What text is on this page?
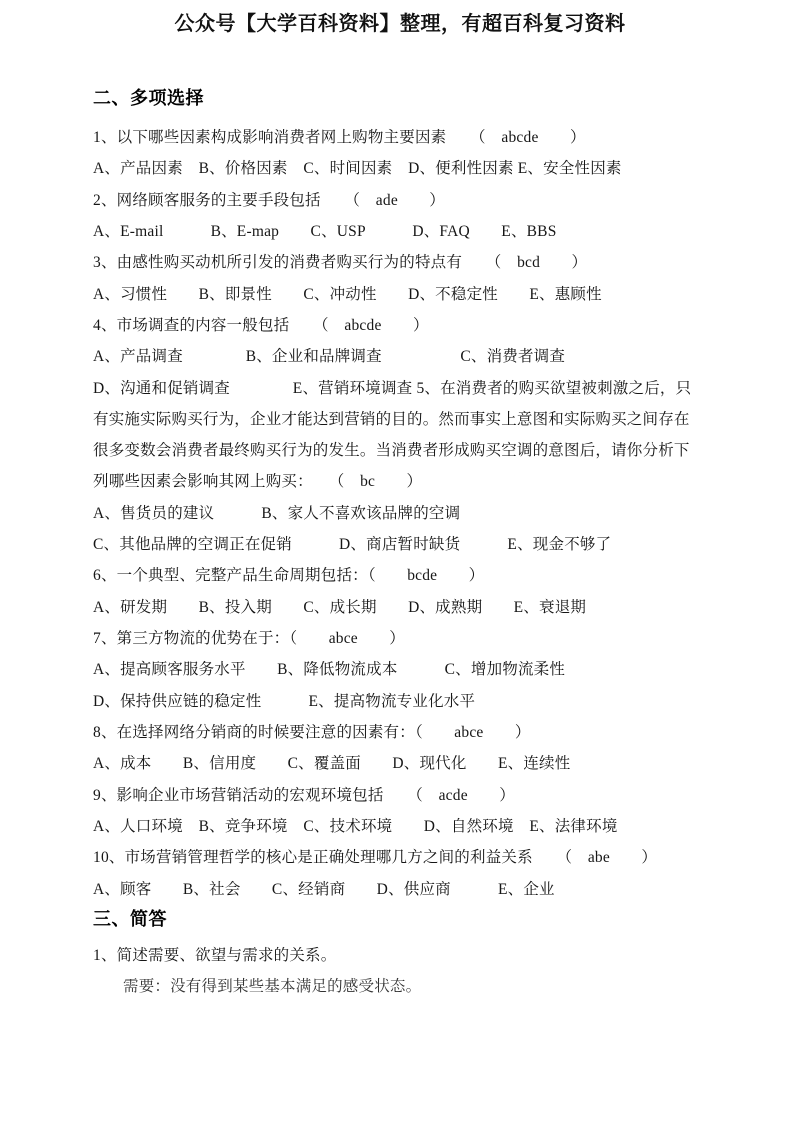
公众号【大学百科资料】整理，有超百科复习资料
二、多项选择

1、以下哪些因素构成影响消费者网上购物主要因素　　（　abcde　　）

A、产品因素　B、价格因素　C、时间因素　D、便利性因素 E、安全性因素

2、网络顾客服务的主要手段包括　　（　ade　　）

A、E-mail　　　B、E-map　　C、USP　　　D、FAQ　　E、BBS

3、由感性购买动机所引发的消费者购买行为的特点有　　（　bcd　　）

A、习惯性　　B、即景性　　C、冲动性　　D、不稳定性　　E、惠顾性

4、市场调查的内容一般包括　　（　abcde　　）

A、产品调查　　　　B、企业和品牌调查　　　　　C、消费者调查

D、沟通和促销调查　　　　E、营销环境调查 5、在消费者的购买欲望被刺激之后，只

有实施实际购买行为，企业才能达到营销的目的。然而事实上意图和实际购买之间存在

很多变数会消费者最终购买行为的发生。当消费者形成购买空调的意图后，请你分析下

列哪些因素会影响其网上购买：　　（　bc　　）

A、售货员的建议　　　B、家人不喜欢该品牌的空调

C、其他品牌的空调正在促销　　　D、商店暂时缺货　　　E、现金不够了

6、一个典型、完整产品生命周期包括：（　　bcde　　）

A、研发期　　B、投入期　　C、成长期　　D、成熟期　　E、衰退期

7、第三方物流的优势在于：（　　abce　　）

A、提高顾客服务水平　　B、降低物流成本　　　C、增加物流柔性

D、保持供应链的稳定性　　　E、提高物流专业化水平

8、在选择网络分销商的时候要注意的因素有：（　　abce　　）

A、成本　　B、信用度　　C、覆盖面　　D、现代化　　E、连续性

9、影响企业市场营销活动的宏观环境包括　　（　acde　　）

A、人口环境　B、竞争环境　C、技术环境　　D、自然环境　E、法律环境

10、市场营销管理哲学的核心是正确处理哪几方之间的利益关系　　（　abe　　）

A、顾客　　B、社会　　C、经销商　　D、供应商　　　E、企业

三、简答

1、简述需要、欲望与需求的关系。

需要：没有得到某些基本满足的感受状态。
